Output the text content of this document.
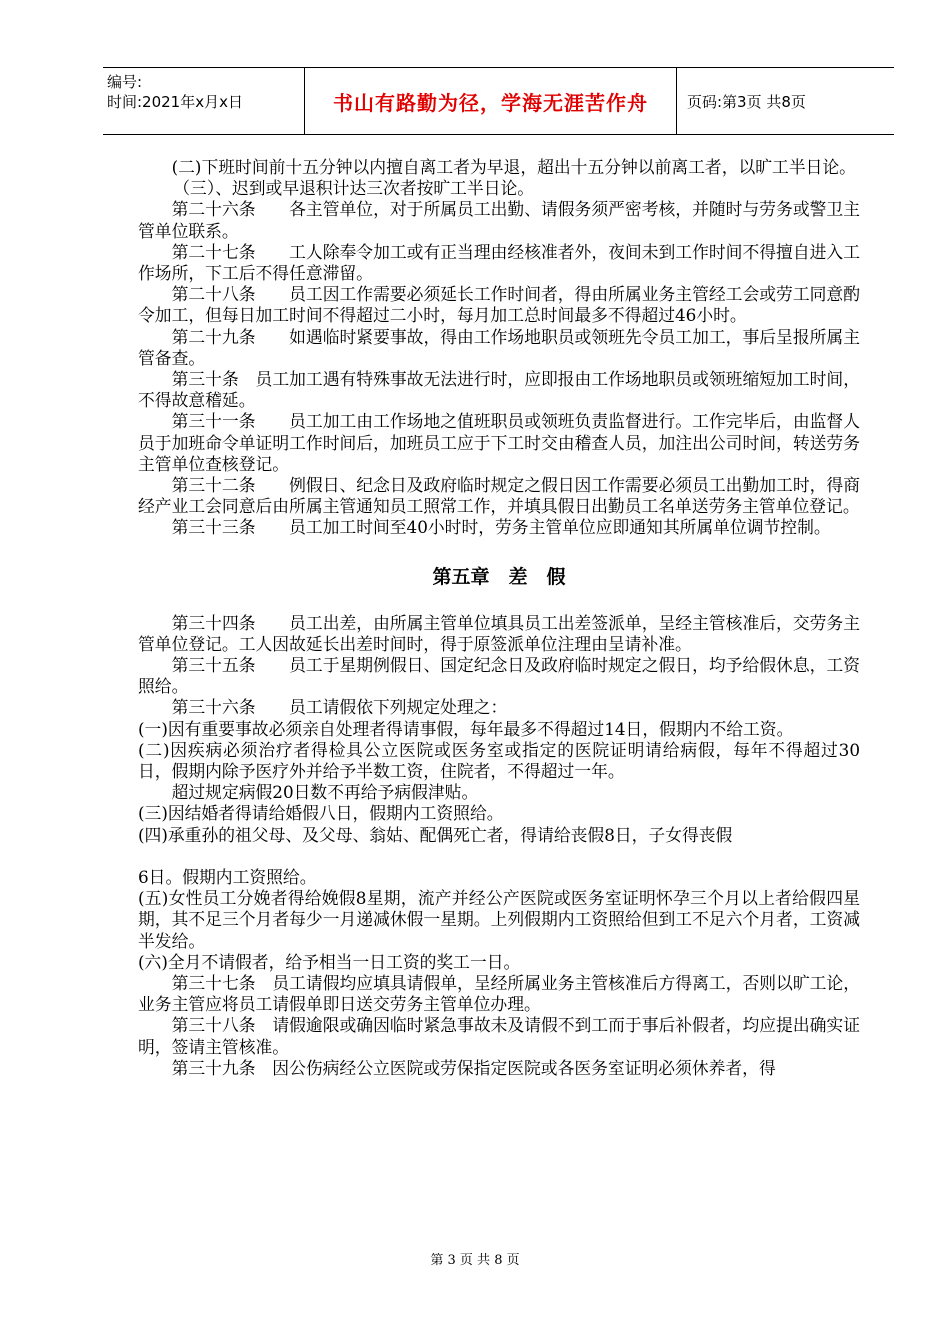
编号:
时间:2021年x月x日	书山有路勤为径，学海无涯苦作舟	页码:第3页 共8页

(二)下班时间前十五分钟以内擅自离工者为早退，超出十五分钟以前离工者，以旷工半日论。

（三）、迟到或早退积计达三次者按旷工半日论。

第二十六条　　各主管单位，对于所属员工出勤、请假务须严密考核，并随时与劳务或警卫主管单位联系。

第二十七条　　工人除奉令加工或有正当理由经核准者外，夜间未到工作时间不得擅自进入工作场所，下工后不得任意滞留。

第二十八条　　员工因工作需要必须延长工作时间者，得由所属业务主管经工会或劳工同意酌令加工，但每日加工时间不得超过二小时，每月加工总时间最多不得超过46小时。

第二十九条　　如遇临时紧要事故，得由工作场地职员或领班先令员工加工，事后呈报所属主管备查。

第三十条　员工加工遇有特殊事故无法进行时，应即报由工作场地职员或领班缩短加工时间，不得故意稽延。

第三十一条　　员工加工由工作场地之值班职员或领班负责监督进行。工作完毕后，由监督人员于加班命令单证明工作时间后，加班员工应于下工时交由稽查人员，加注出公司时间，转送劳务主管单位查核登记。

第三十二条　　例假日、纪念日及政府临时规定之假日因工作需要必须员工出勤加工时，得商经产业工会同意后由所属主管通知员工照常工作，并填具假日出勤员工名单送劳务主管单位登记。

第三十三条　　员工加工时间至40小时时，劳务主管单位应即通知其所属单位调节控制。

第五章　差　假

第三十四条　　员工出差，由所属主管单位填具员工出差签派单，呈经主管核准后，交劳务主管单位登记。工人因故延长出差时间时，得于原签派单位注理由呈请补准。

第三十五条　　员工于星期例假日、国定纪念日及政府临时规定之假日，均予给假休息，工资照给。

第三十六条　　员工请假依下列规定处理之：

(一)因有重要事故必须亲自处理者得请事假，每年最多不得超过14日，假期内不给工资。

(二)因疾病必须治疗者得检具公立医院或医务室或指定的医院证明请给病假，每年不得超过30日，假期内除予医疗外并给予半数工资，住院者，不得超过一年。

超过规定病假20日数不再给予病假津贴。

(三)因结婚者得请给婚假八日，假期内工资照给。

(四)承重孙的祖父母、及父母、翁姑、配偶死亡者，得请给丧假8日，子女得丧假

6日。假期内工资照给。

(五)女性员工分娩者得给娩假8星期，流产并经公产医院或医务室证明怀孕三个月以上者给假四星期，其不足三个月者每少一月递减休假一星期。上列假期内工资照给但到工不足六个月者，工资减半发给。

(六)全月不请假者，给予相当一日工资的奖工一日。

第三十七条　员工请假均应填具请假单，呈经所属业务主管核准后方得离工，否则以旷工论，业务主管应将员工请假单即日送交劳务主管单位办理。

第三十八条　请假逾限或确因临时紧急事故未及请假不到工而于事后补假者，均应提出确实证明，签请主管核准。

第三十九条　因公伤病经公立医院或劳保指定医院或各医务室证明必须休养者，得

第 3 页 共 8 页
